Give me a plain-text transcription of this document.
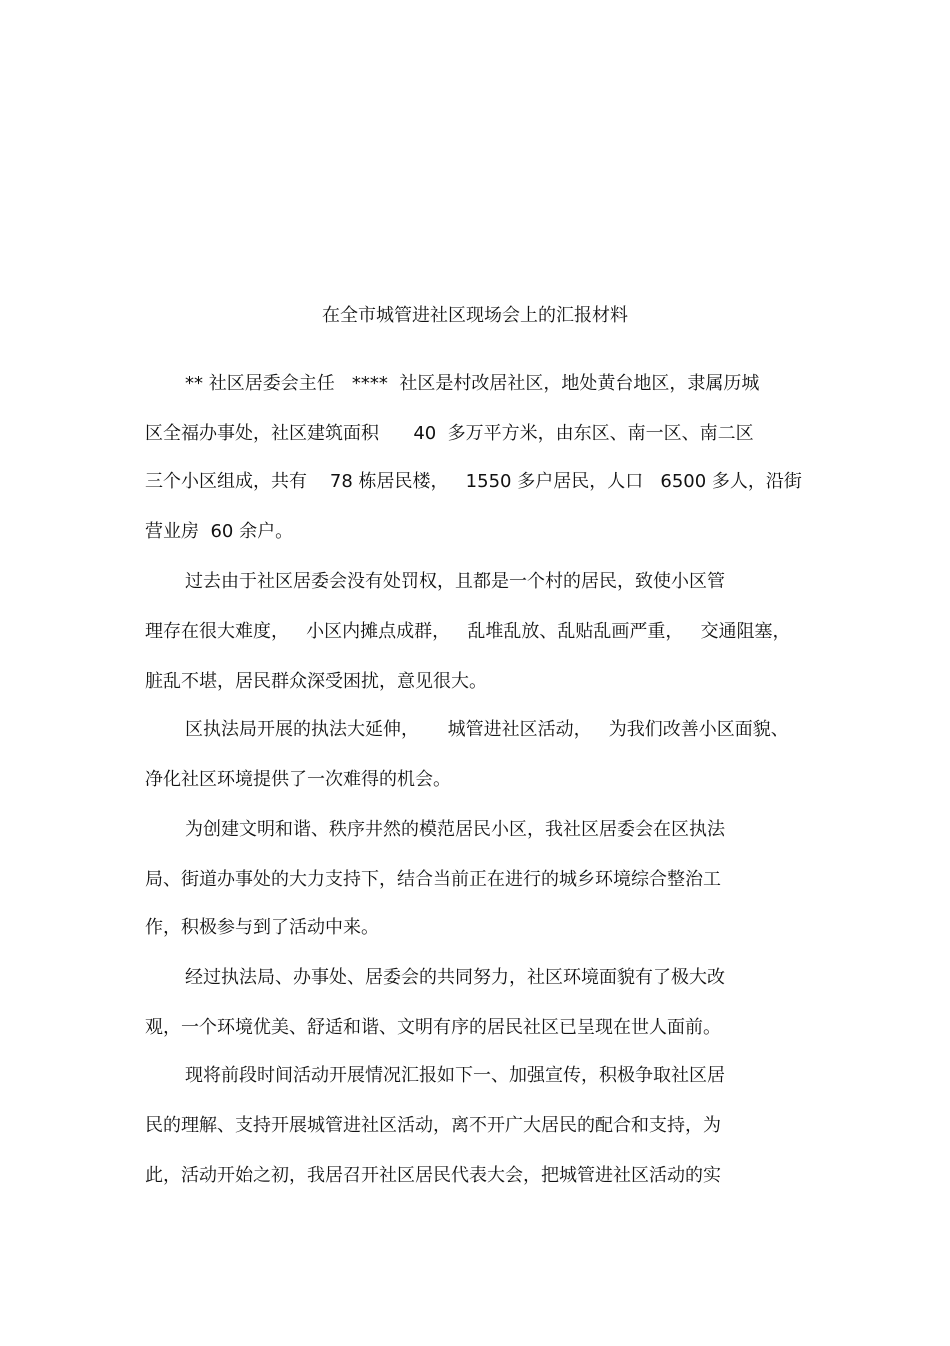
在全市城管进社区现场会上的汇报材料
** 社区居委会主任   ****  社区是村改居社区，地处黄台地区，隶属历城
区全福办事处，社区建筑面积      40  多万平方米，由东区、南一区、南二区
三个小区组成，共有    78 栋居民楼，   1550 多户居民，人口   6500 多人，沿街
营业房  60 余户。
过去由于社区居委会没有处罚权，且都是一个村的居民，致使小区管
理存在很大难度，   小区内摊点成群，   乱堆乱放、乱贴乱画严重，   交通阻塞，
脏乱不堪，居民群众深受困扰，意见很大。
区执法局开展的执法大延伸，     城管进社区活动，   为我们改善小区面貌、
净化社区环境提供了一次难得的机会。
为创建文明和谐、秩序井然的模范居民小区，我社区居委会在区执法
局、街道办事处的大力支持下，结合当前正在进行的城乡环境综合整治工
作，积极参与到了活动中来。
经过执法局、办事处、居委会的共同努力，社区环境面貌有了极大改
观，一个环境优美、舒适和谐、文明有序的居民社区已呈现在世人面前。
现将前段时间活动开展情况汇报如下一、加强宣传，积极争取社区居
民的理解、支持开展城管进社区活动，离不开广大居民的配合和支持，为
此，活动开始之初，我居召开社区居民代表大会，把城管进社区活动的实
